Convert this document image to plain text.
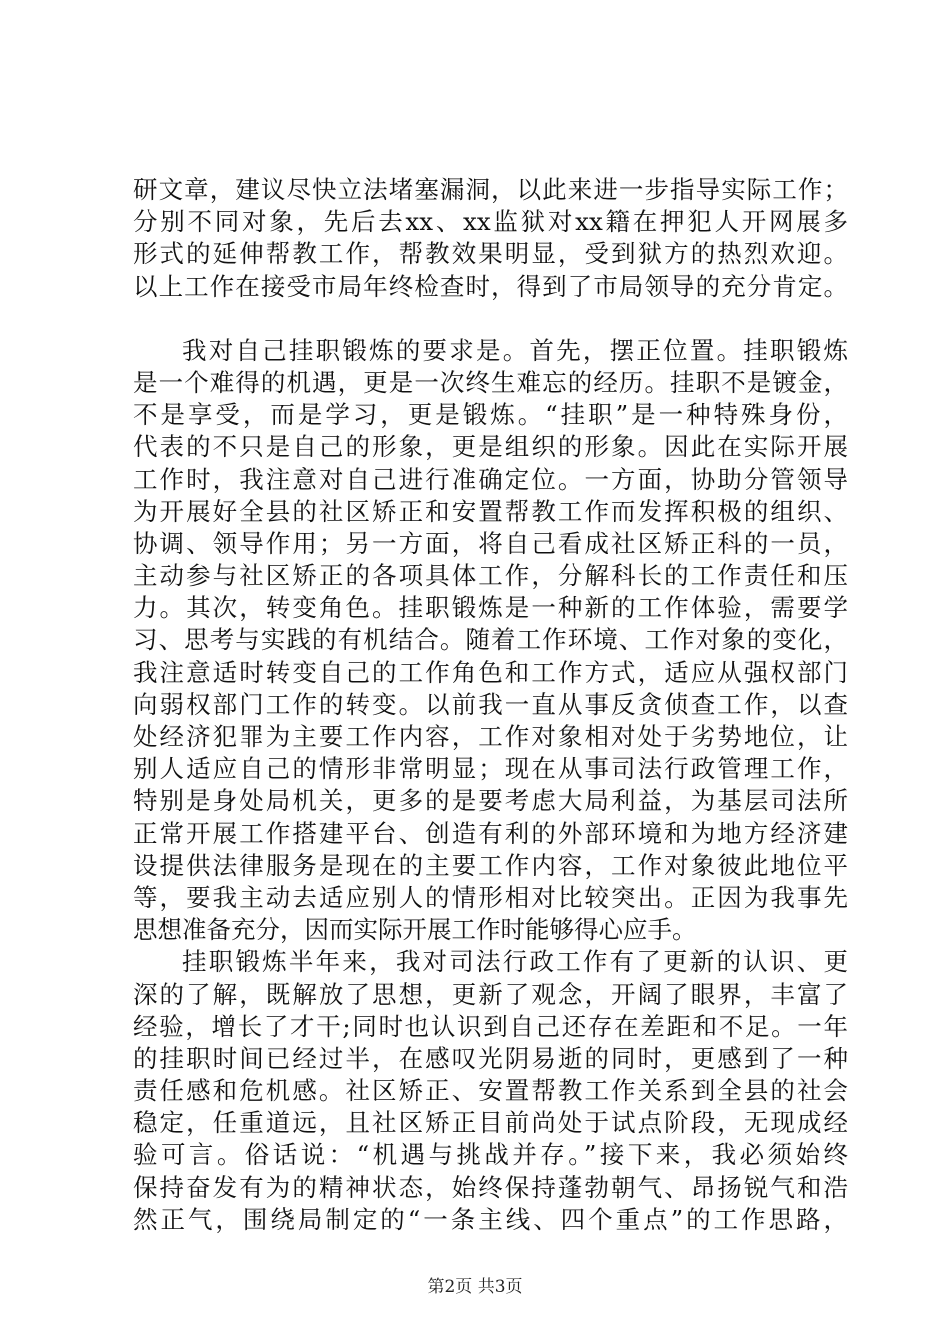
研文章，建议尽快立法堵塞漏洞，以此来进一步指导实际工作；
分别不同对象，先后去xx、xx监狱对xx籍在押犯人开网展多
形式的延伸帮教工作，帮教效果明显，受到狱方的热烈欢迎。
以上工作在接受市局年终检查时，得到了市局领导的充分肯定。
我对自己挂职锻炼的要求是。首先，摆正位置。挂职锻炼
是一个难得的机遇，更是一次终生难忘的经历。挂职不是镀金，
不是享受，而是学习，更是锻炼。“挂职”是一种特殊身份，
代表的不只是自己的形象，更是组织的形象。因此在实际开展
工作时，我注意对自己进行准确定位。一方面，协助分管领导
为开展好全县的社区矫正和安置帮教工作而发挥积极的组织、
协调、领导作用；另一方面，将自己看成社区矫正科的一员，
主动参与社区矫正的各项具体工作，分解科长的工作责任和压
力。其次，转变角色。挂职锻炼是一种新的工作体验，需要学
习、思考与实践的有机结合。随着工作环境、工作对象的变化，
我注意适时转变自己的工作角色和工作方式，适应从强权部门
向弱权部门工作的转变。以前我一直从事反贪侦查工作，以查
处经济犯罪为主要工作内容，工作对象相对处于劣势地位，让
别人适应自己的情形非常明显；现在从事司法行政管理工作，
特别是身处局机关，更多的是要考虑大局利益，为基层司法所
正常开展工作搭建平台、创造有利的外部环境和为地方经济建
设提供法律服务是现在的主要工作内容，工作对象彼此地位平
等，要我主动去适应别人的情形相对比较突出。正因为我事先
思想准备充分，因而实际开展工作时能够得心应手。
挂职锻炼半年来，我对司法行政工作有了更新的认识、更
深的了解，既解放了思想，更新了观念，开阔了眼界，丰富了
经验，增长了才干;同时也认识到自己还存在差距和不足。一年
的挂职时间已经过半，在感叹光阴易逝的同时，更感到了一种
责任感和危机感。社区矫正、安置帮教工作关系到全县的社会
稳定，任重道远，且社区矫正目前尚处于试点阶段，无现成经
验可言。俗话说：“机遇与挑战并存。”接下来，我必须始终
保持奋发有为的精神状态，始终保持蓬勃朝气、昂扬锐气和浩
然正气，围绕局制定的“一条主线、四个重点”的工作思路，
第2页 共3页
